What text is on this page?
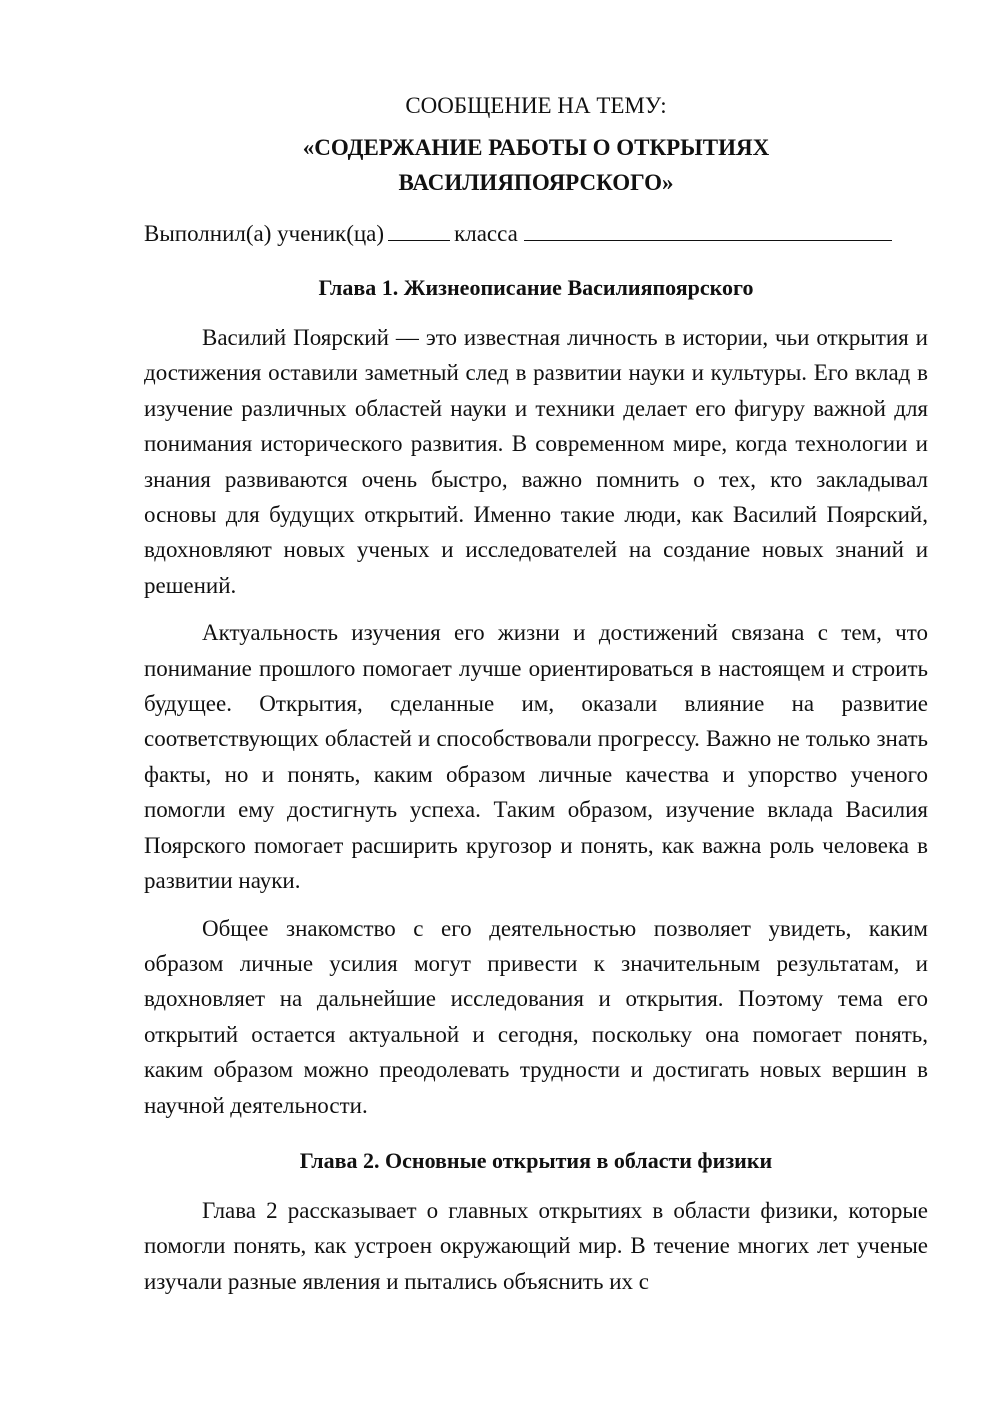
СООБЩЕНИЕ НА ТЕМУ:

«СОДЕРЖАНИЕ РАБОТЫ О ОТКРЫТИЯХ

ВАСИЛИЯПОЯРСКОГО»

Выполнил(а) ученик(ца)	класса

Глава 1. Жизнеописание Василияпоярского

Василий Поярский — это известная личность в истории, чьи открытия и достижения оставили заметный след в развитии науки и культуры. Его вклад в изучение различных областей науки и техники делает его фигуру важной для понимания исторического развития. В современном мире, когда технологии и знания развиваются очень быстро, важно помнить о тех, кто закладывал основы для будущих открытий. Именно такие люди, как Василий Поярский, вдохновляют новых ученых и исследователей на создание новых знаний и решений.

Актуальность изучения его жизни и достижений связана с тем, что понимание прошлого помогает лучше ориентироваться в настоящем и строить будущее. Открытия, сделанные им, оказали влияние на развитие соответствующих областей и способствовали прогрессу. Важно не только знать факты, но и понять, каким образом личные качества и упорство ученого помогли ему достигнуть успеха. Таким образом, изучение вклада Василия Поярского помогает расширить кругозор и понять, как важна роль человека в развитии науки.

Общее знакомство с его деятельностью позволяет увидеть, каким образом личные усилия могут привести к значительным результатам, и вдохновляет на дальнейшие исследования и открытия. Поэтому тема его открытий остается актуальной и сегодня, поскольку она помогает понять, каким образом можно преодолевать трудности и достигать новых вершин в научной деятельности.

Глава 2. Основные открытия в области физики

Глава 2 рассказывает о главных открытиях в области физики, которые помогли понять, как устроен окружающий мир. В течение многих лет ученые изучали разные явления и пытались объяснить их с
